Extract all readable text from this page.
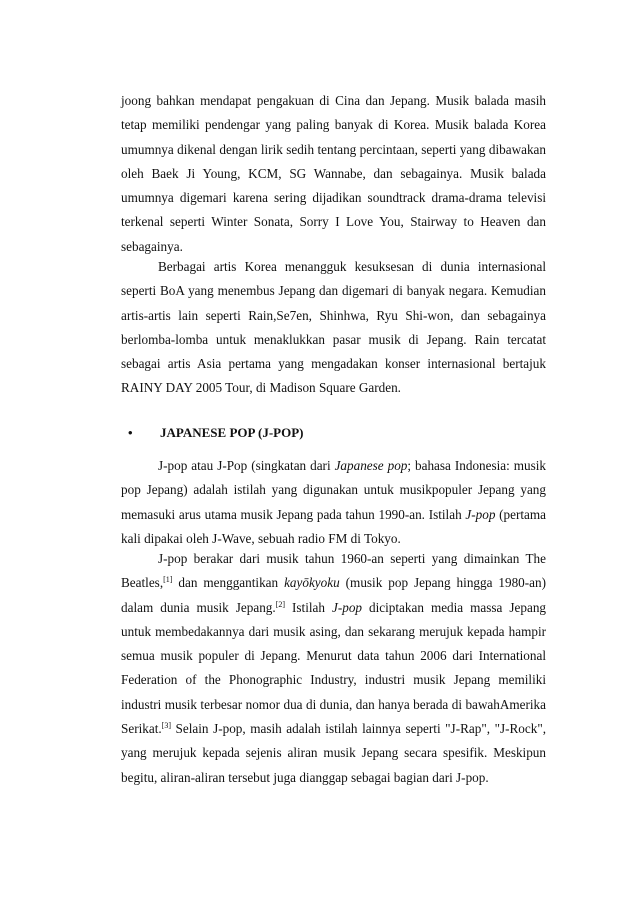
joong bahkan mendapat pengakuan di Cina dan Jepang. Musik balada masih tetap memiliki pendengar yang paling banyak di Korea. Musik balada Korea umumnya dikenal dengan lirik sedih tentang percintaan, seperti yang dibawakan oleh Baek Ji Young, KCM, SG Wannabe, dan sebagainya. Musik balada umumnya digemari karena sering dijadikan soundtrack drama-drama televisi terkenal seperti Winter Sonata, Sorry I Love You, Stairway to Heaven dan sebagainya.

Berbagai artis Korea menangguk kesuksesan di dunia internasional seperti BoA yang menembus Jepang dan digemari di banyak negara. Kemudian artis-artis lain seperti Rain,Se7en, Shinhwa, Ryu Shi-won, dan sebagainya berlomba-lomba untuk menaklukkan pasar musik di Jepang. Rain tercatat sebagai artis Asia pertama yang mengadakan konser internasional bertajuk RAINY DAY 2005 Tour, di Madison Square Garden.

• JAPANESE POP (J-POP)

J-pop atau J-Pop (singkatan dari Japanese pop; bahasa Indonesia: musik pop Jepang) adalah istilah yang digunakan untuk musikpopuler Jepang yang memasuki arus utama musik Jepang pada tahun 1990-an. Istilah J-pop (pertama kali dipakai oleh J-Wave, sebuah radio FM di Tokyo.

J-pop berakar dari musik tahun 1960-an seperti yang dimainkan The Beatles,[1] dan menggantikan kayōkyoku (musik pop Jepang hingga 1980-an) dalam dunia musik Jepang.[2] Istilah J-pop diciptakan media massa Jepang untuk membedakannya dari musik asing, dan sekarang merujuk kepada hampir semua musik populer di Jepang. Menurut data tahun 2006 dari International Federation of the Phonographic Industry, industri musik Jepang memiliki industri musik terbesar nomor dua di dunia, dan hanya berada di bawahAmerika Serikat.[3] Selain J-pop, masih adalah istilah lainnya seperti "J-Rap", "J-Rock", yang merujuk kepada sejenis aliran musik Jepang secara spesifik. Meskipun begitu, aliran-aliran tersebut juga dianggap sebagai bagian dari J-pop.
